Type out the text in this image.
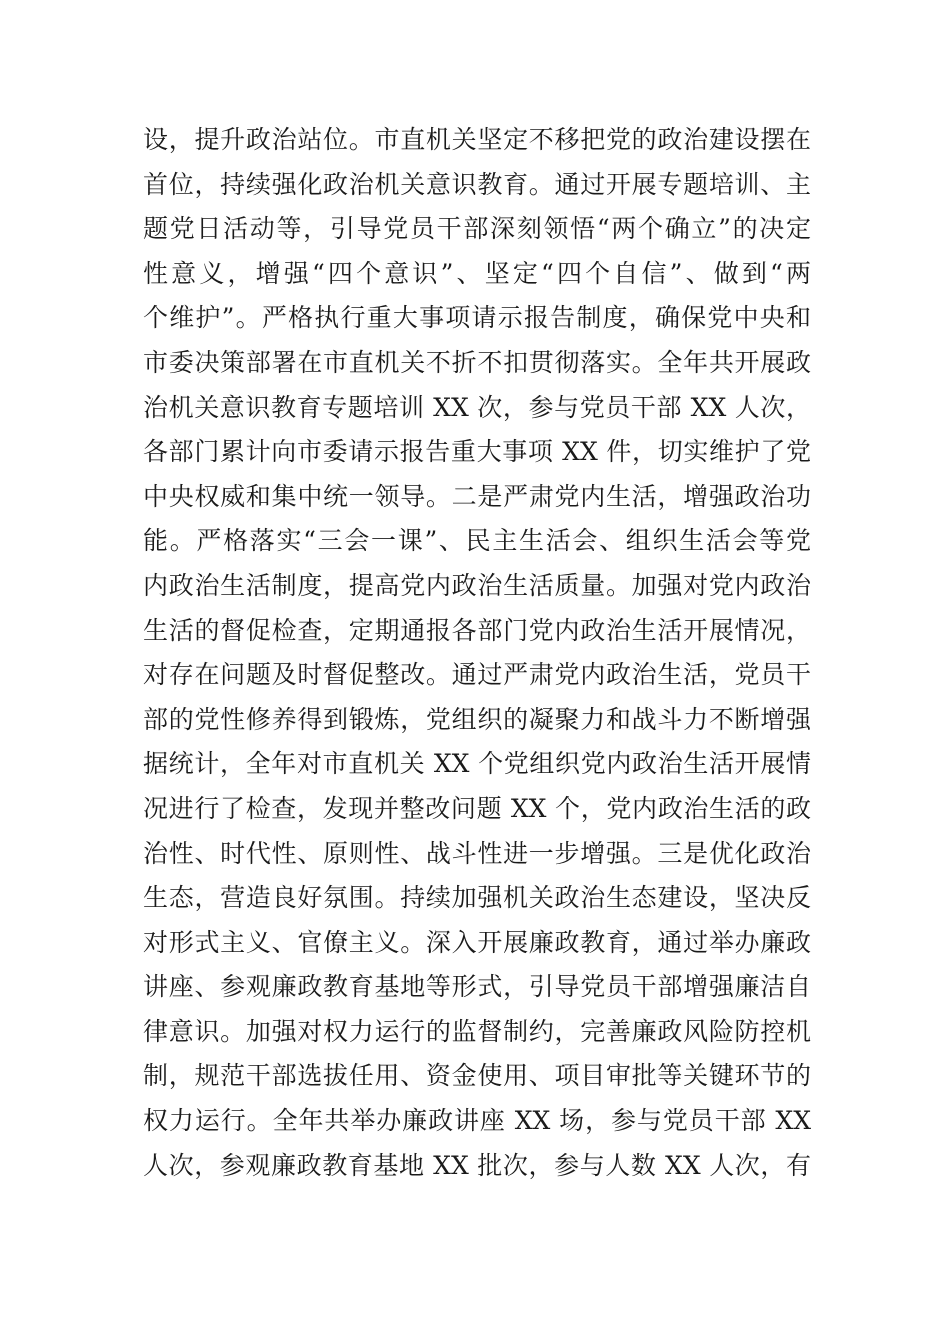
设，提升政治站位。市直机关坚定不移把党的政治建设摆在
首位，持续强化政治机关意识教育。通过开展专题培训、主
题党日活动等，引导党员干部深刻领悟“两个确立”的决定
性意义，增强“四个意识”、坚定“四个自信”、做到“两
个维护”。严格执行重大事项请示报告制度，确保党中央和
市委决策部署在市直机关不折不扣贯彻落实。全年共开展政
治机关意识教育专题培训 XX 次，参与党员干部 XX 人次，
各部门累计向市委请示报告重大事项 XX 件，切实维护了党
中央权威和集中统一领导。二是严肃党内生活，增强政治功
能。严格落实“三会一课”、民主生活会、组织生活会等党
内政治生活制度，提高党内政治生活质量。加强对党内政治
生活的督促检查，定期通报各部门党内政治生活开展情况，
对存在问题及时督促整改。通过严肃党内政治生活，党员干
部的党性修养得到锻炼，党组织的凝聚力和战斗力不断增强
据统计，全年对市直机关 XX 个党组织党内政治生活开展情
况进行了检查，发现并整改问题 XX 个，党内政治生活的政
治性、时代性、原则性、战斗性进一步增强。三是优化政治
生态，营造良好氛围。持续加强机关政治生态建设，坚决反
对形式主义、官僚主义。深入开展廉政教育，通过举办廉政
讲座、参观廉政教育基地等形式，引导党员干部增强廉洁自
律意识。加强对权力运行的监督制约，完善廉政风险防控机
制，规范干部选拔任用、资金使用、项目审批等关键环节的
权力运行。全年共举办廉政讲座 XX 场，参与党员干部 XX
人次，参观廉政教育基地 XX 批次，参与人数 XX 人次，有
